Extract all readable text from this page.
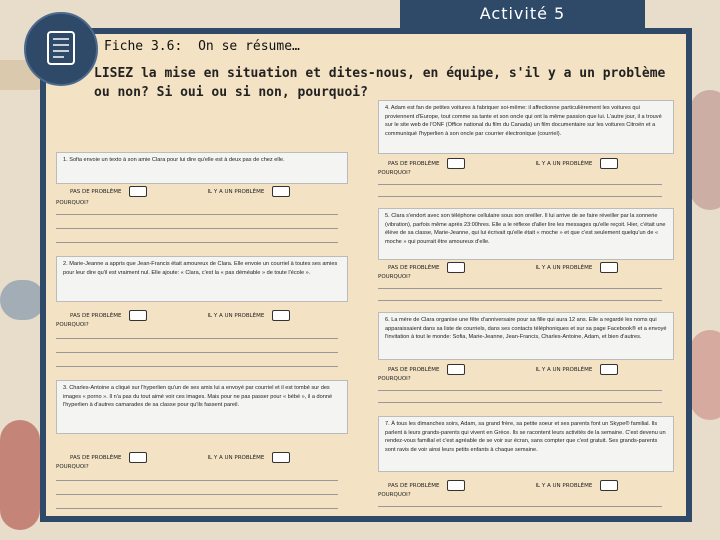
Activité 5
Fiche 3.6: On se résume…
LISEZ la mise en situation et dites-nous, en équipe, s'il y a un problème ou non? Si oui ou si non, pourquoi?
1. Sofia envoie un texto à son amie Clara pour lui dire qu'elle est à deux pas de chez elle.
PAS DE PROBLÈME	IL Y A UN PROBLÈME
POURQUOI?
2. Marie-Jeanne a appris que Jean-Francis était amoureux de Clara. Elle envoie un courriel à toutes ses amies pour leur dire qu'il est vraiment nul. Elle ajoute: « Clara, c'est la « pas déméable » de toute l'école ».
PAS DE PROBLÈME	IL Y A UN PROBLÈME
POURQUOI?
3. Charles-Antoine a cliqué sur l'hyperlien qu'un de ses amis lui a envoyé par courriel et il est tombé sur des images « porno ». Il n'a pas du tout aimé voir ces images. Mais pour ne pas passer pour « bébé », il a donné l'hyperlien à d'autres camarades de sa classe pour qu'ils fassent pareil.
PAS DE PROBLÈME	IL Y A UN PROBLÈME
POURQUOI?
4. Adam est fan de petites voitures à fabriquer soi-même: il affectionne particulièrement les voitures qui proviennent d'Europe, tout comme sa tante et son oncle qui ont la même passion que lui. L'autre jour, il a trouvé sur le site web de l'ONF (Office national du film du Canada) un film documentaire sur les voitures Citroën et a communiqué l'hyperlien à son oncle par courrier électronique (courriel).
PAS DE PROBLÈME	IL Y A UN PROBLÈME
POURQUOI?
5. Clara s'endort avec son téléphone cellulaire sous son oreiller. Il lui arrive de se faire réveiller par la sonnerie (vibration), parfois même après 23:00hres. Elle a le réflexe d'aller lire les messages qu'elle reçoit. Hier, c'était une élève de sa classe, Marie-Jeanne, qui lui écrivait qu'elle était « moche » et que c'est seulement quelqu'un de « moche » qui pourrait être amoureux d'elle.
PAS DE PROBLÈME	IL Y A UN PROBLÈME
POURQUOI?
6. La mère de Clara organise une fête d'anniversaire pour sa fille qui aura 12 ans. Elle a regardé les noms qui apparaissaient dans sa liste de courriels, dans ses contacts téléphoniques et sur sa page Facebook® et a envoyé l'invitation à tout le monde: Sofia, Marie-Jeanne, Jean-Francis, Charles-Antoine, Adam, et bien d'autres.
PAS DE PROBLÈME	IL Y A UN PROBLÈME
POURQUOI?
7. À tous les dimanches soirs, Adam, sa grand frère, sa petite soeur et ses parents font un Skype® familial. Ils parlent à leurs grands-parents qui vivent en Grèce. Ils se racontent leurs activités de la semaine. C'est devenu un rendez-vous familial et c'est agréable de se voir sur écran, sans compter que c'est gratuit. Ses grands-parents sont ravis de voir ainsi leurs petits enfants à chaque semaine.
PAS DE PROBLÈME	IL Y A UN PROBLÈME
POURQUOI?
